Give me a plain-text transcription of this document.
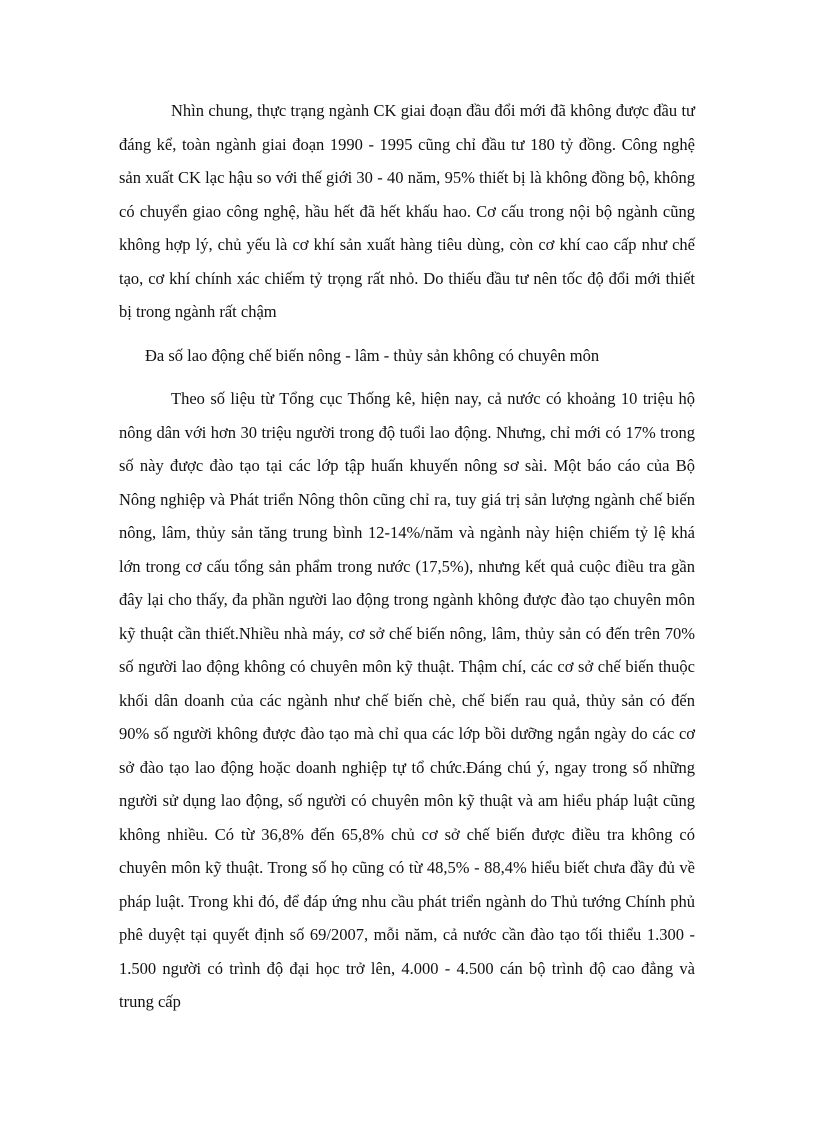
Nhìn chung, thực trạng ngành CK giai đoạn đầu đổi mới đã không được đầu tư đáng kể, toàn ngành giai đoạn 1990 - 1995 cũng chỉ đầu tư 180 tỷ đồng. Công nghệ sản xuất CK lạc hậu so với thế giới 30 - 40 năm, 95% thiết bị là không đồng bộ, không có chuyển giao công nghệ, hầu hết đã hết khấu hao. Cơ cấu trong nội bộ ngành cũng không hợp lý, chủ yếu là cơ khí sản xuất hàng tiêu dùng, còn cơ khí cao cấp như chế tạo, cơ khí chính xác chiếm tỷ trọng rất nhỏ. Do thiếu đầu tư nên tốc độ đổi mới thiết bị trong ngành rất chậm

Đa số lao động chế biến nông - lâm - thủy sản không có chuyên môn

Theo số liệu từ Tổng cục Thống kê, hiện nay, cả nước có khoảng 10 triệu hộ nông dân với hơn 30 triệu người trong độ tuổi lao động. Nhưng, chỉ mới có 17% trong số này được đào tạo tại các lớp tập huấn khuyến nông sơ sài. Một báo cáo của Bộ Nông nghiệp và Phát triển Nông thôn cũng chỉ ra, tuy giá trị sản lượng ngành chế biến nông, lâm, thủy sản tăng trung bình 12-14%/năm và ngành này hiện chiếm tỷ lệ khá lớn trong cơ cấu tổng sản phẩm trong nước (17,5%), nhưng kết quả cuộc điều tra gần đây lại cho thấy, đa phần người lao động trong ngành không được đào tạo chuyên môn kỹ thuật cần thiết.Nhiều nhà máy, cơ sở chế biến nông, lâm, thủy sản có đến trên 70% số người lao động không có chuyên môn kỹ thuật. Thậm chí, các cơ sở chế biến thuộc khối dân doanh của các ngành như chế biến chè, chế biến rau quả, thủy sản có đến 90% số người không được đào tạo mà chỉ qua các lớp bồi dưỡng ngắn ngày do các cơ sở đào tạo lao động hoặc doanh nghiệp tự tổ chức.Đáng chú ý, ngay trong số những người sử dụng lao động, số người có chuyên môn kỹ thuật và am hiểu pháp luật cũng không nhiều. Có từ 36,8% đến 65,8% chủ cơ sở chế biến được điều tra không có chuyên môn kỹ thuật. Trong số họ cũng có từ 48,5% - 88,4% hiểu biết chưa đầy đủ về pháp luật. Trong khi đó, để đáp ứng nhu cầu phát triển ngành do Thủ tướng Chính phủ phê duyệt tại quyết định số 69/2007, mỗi năm, cả nước cần đào tạo tối thiểu 1.300 - 1.500 người có trình độ đại học trở lên, 4.000 - 4.500 cán bộ trình độ cao đẳng và trung cấp
